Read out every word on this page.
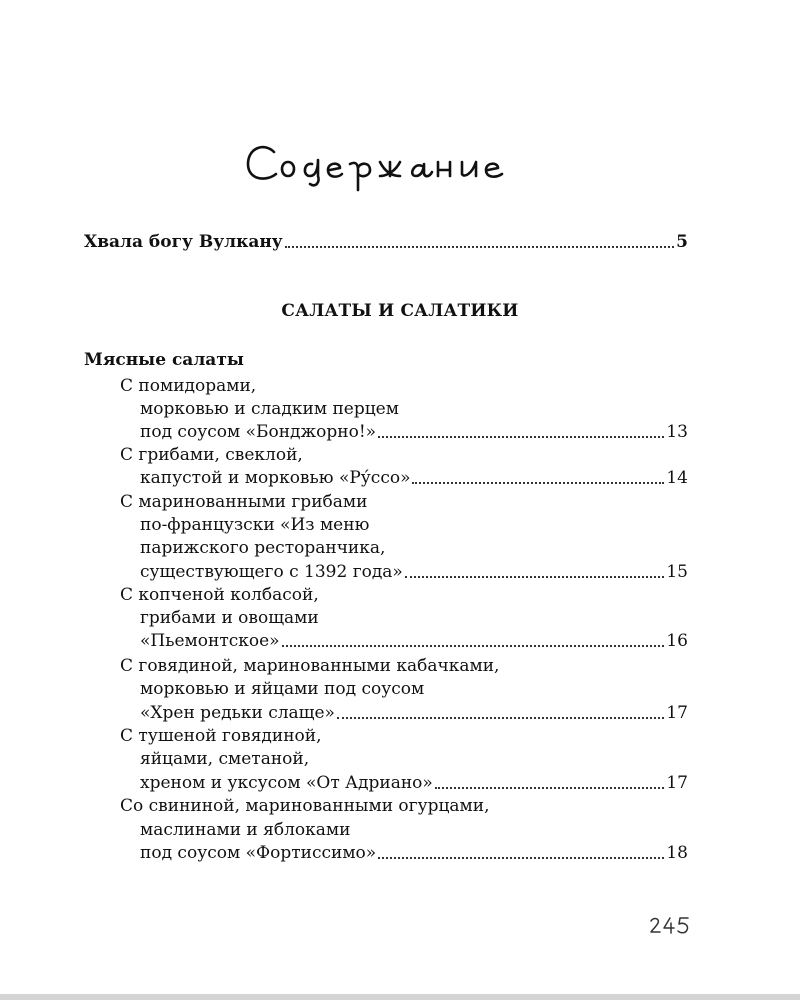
Хвала богу Вулкану	5
САЛАТЫ И САЛАТИКИ
Мясные салаты
С помидорами,
морковью и сладким перцем
под соусом «Бонджорно!»	13
С грибами, свеклой,
капустой и морковью «Ру́ссо»	14
С маринованными грибами
по-французски «Из меню
парижского ресторанчика,
существующего с 1392 года»	15
С копченой колбасой,
грибами и овощами
«Пьемонтское»	16
С говядиной, маринованными кабачками,
морковью и яйцами под соусом
«Хрен редьки слаще»	17
С тушеной говядиной,
яйцами, сметаной,
хреном и уксусом «От Адриано»	17
Со свининой, маринованными огурцами,
маслинами и яблоками
под соусом «Фортиссимо»	18
